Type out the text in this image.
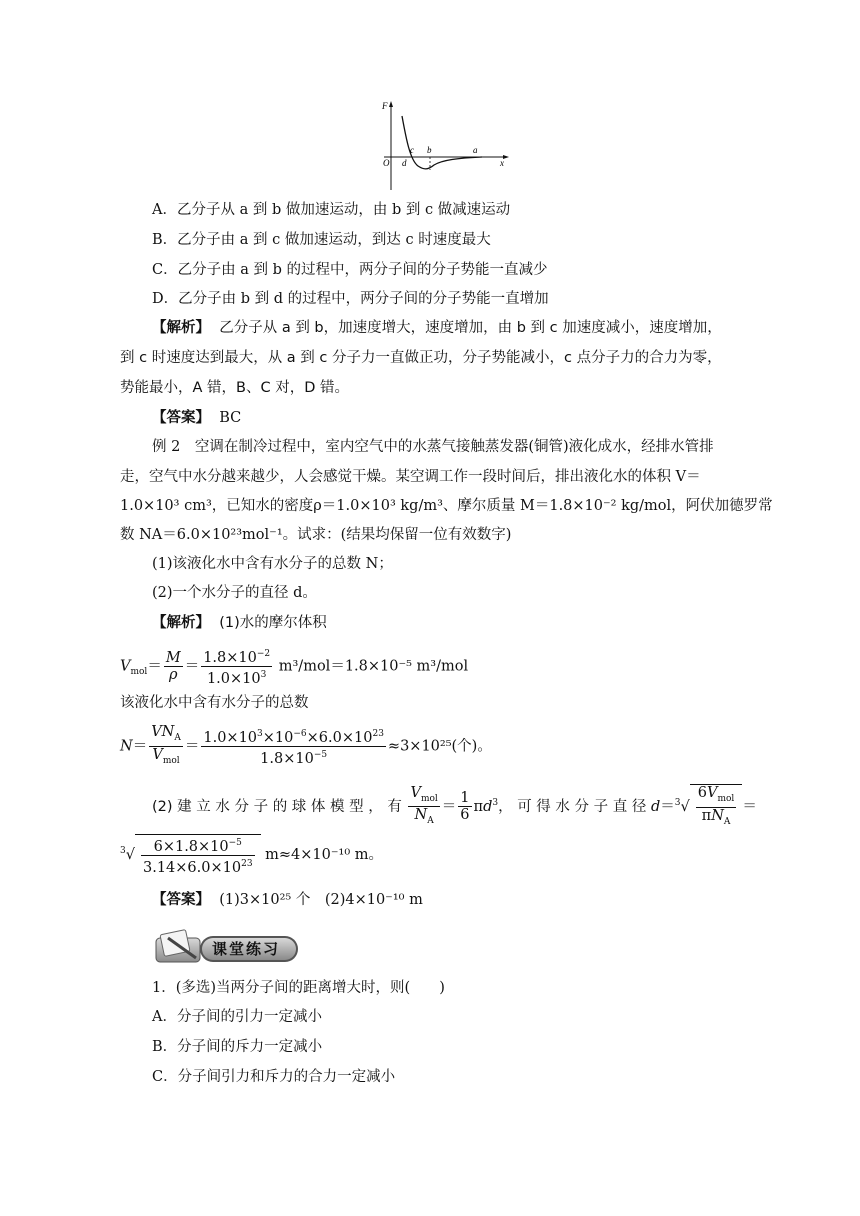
F
x
O
c
d
b	a
A．乙分子从 a 到 b 做加速运动，由 b 到 c 做减速运动
B．乙分子由 a 到 c 做加速运动，到达 c 时速度最大
C．乙分子由 a 到 b 的过程中，两分子间的分子势能一直减少
D．乙分子由 b 到 d 的过程中，两分子间的分子势能一直增加
【解析】 乙分子从 a 到 b，加速度增大，速度增加，由 b 到 c 加速度减小，速度增加，
到 c 时速度达到最大，从 a 到 c 分子力一直做正功，分子势能减小，c 点分子力的合力为零，
势能最小，A 错，B、C 对，D 错。
【答案】 BC
例 2　空调在制冷过程中，室内空气中的水蒸气接触蒸发器(铜管)液化成水，经排水管排
走，空气中水分越来越少，人会感觉干燥。某空调工作一段时间后，排出液化水的体积 V＝
1.0×10³ cm³，已知水的密度ρ＝1.0×10³ kg/m³、摩尔质量 M＝1.8×10⁻² kg/mol，阿伏加德罗常
数 NA＝6.0×10²³mol⁻¹。试求：(结果均保留一位有效数字)
(1)该液化水中含有水分子的总数 N；
(2)一个水分子的直径 d。
【解析】 (1)水的摩尔体积
$V_{mol}= \frac{M}{\rho} = \frac{1.8\times 10^{-2}}{1.0\times 10^3} m^3/mol=1.8\times 10^{-5}$ m³/mol
该液化水中含有水分子的总数
$N= \frac{VN_A}{V_{mol}} = \frac{1.0\times 10^3\times 10^{-6}\times 6.0\times 10^{23}}{1.8\times 10^{-5}} \approx 3\times 10^{25}$(个)。
(2) 建 立 水 分 子 的 球 体 模 型 ， 有 $\frac{V_{mol}}{N_A} = \frac{1}{6} \pi d^3$， 可 得 水 分 子 直 径 $d=^3√ \frac{6V_{mol}}{\pi N_A}$ ＝
$^3√ \frac{6\times 1.8\times 10^{-5}}{3.14\times 6.0\times 10^{23}} m\approx 4\times 10^{-10}$ m。
【答案】 (1)3×10²⁵ 个　(2)4×10⁻¹⁰ m
课堂练习
1．(多选)当两分子间的距离增大时，则(　　)
A．分子间的引力一定减小
B．分子间的斥力一定减小
C．分子间引力和斥力的合力一定减小
